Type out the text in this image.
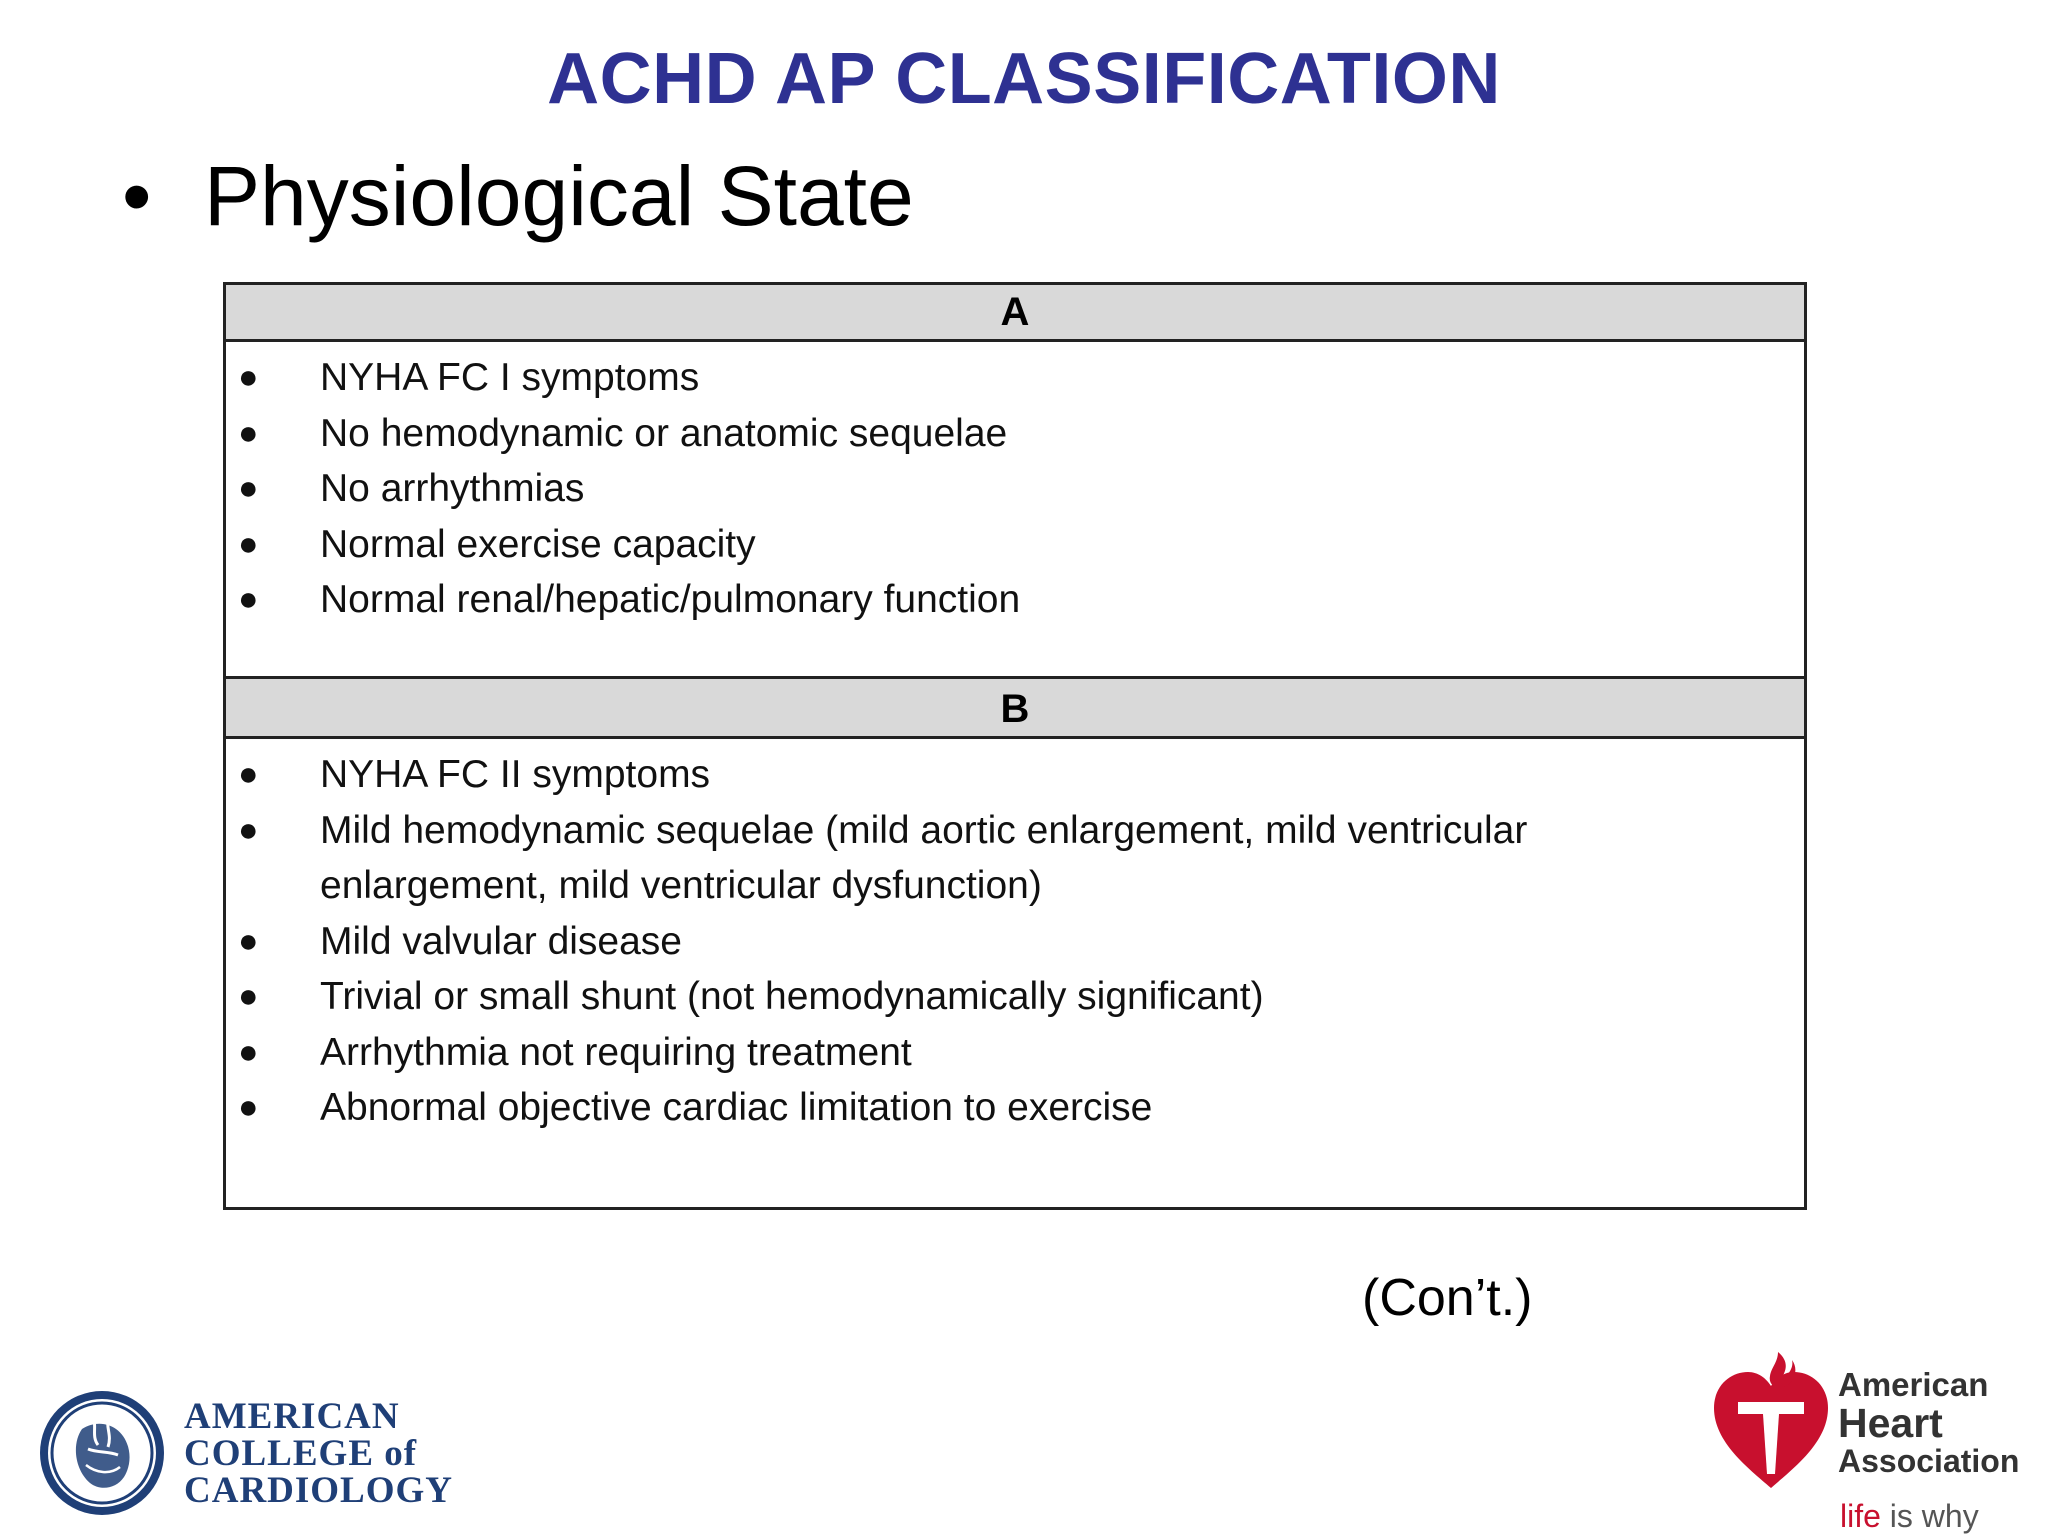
ACHD AP CLASSIFICATION
• Physiological State
A
● NYHA FC I symptoms
● No hemodynamic or anatomic sequelae
● No arrhythmias
● Normal exercise capacity
● Normal renal/hepatic/pulmonary function
B
● NYHA FC II symptoms
● Mild hemodynamic sequelae (mild aortic enlargement, mild ventricular enlargement, mild ventricular dysfunction)
● Mild valvular disease
● Trivial or small shunt (not hemodynamically significant)
● Arrhythmia not requiring treatment
● Abnormal objective cardiac limitation to exercise
(Con’t.)
AMERICAN
COLLEGE of
CARDIOLOGY
American
Heart
Association
life is why
